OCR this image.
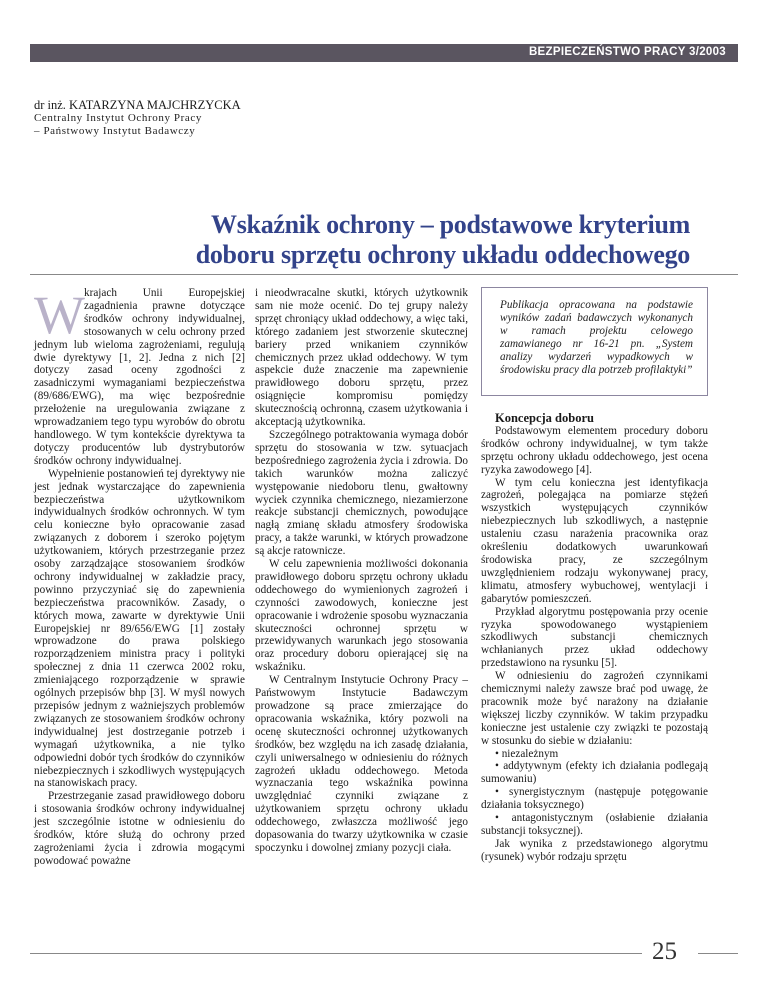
BEZPIECZEŃSTWO PRACY 3/2003
dr inż. KATARZYNA MAJCHRZYCKA
Centralny Instytut Ochrony Pracy
– Państwowy Instytut Badawczy
Wskaźnik ochrony – podstawowe kryterium
doboru sprzętu ochrony układu oddechowego

Wkrajach Unii Europejskiej zagadnienia prawne dotyczące środków ochrony indywidualnej, stosowanych w celu ochrony przed jednym lub wieloma zagrożeniami, regulują dwie dyrektywy [1, 2]. Jedna z nich [2] dotyczy zasad oceny zgodności z zasadniczymi wymaganiami bezpieczeństwa (89/686/EWG), ma więc bezpośrednie przełożenie na uregulowania związane z wprowadzaniem tego typu wyrobów do obrotu handlowego. W tym kontekście dyrektywa ta dotyczy producentów lub dystrybutorów środków ochrony indywidualnej.

Wypełnienie postanowień tej dyrektywy nie jest jednak wystarczające do zapewnienia bezpieczeństwa użytkownikom indywidualnych środków ochronnych. W tym celu konieczne było opracowanie zasad związanych z doborem i szeroko pojętym użytkowaniem, których przestrzeganie przez osoby zarządzające stosowaniem środków ochrony indywidualnej w zakładzie pracy, powinno przyczyniać się do zapewnienia bezpieczeństwa pracowników. Zasady, o których mowa, zawarte w dyrektywie Unii Europejskiej nr 89/656/EWG [1] zostały wprowadzone do prawa polskiego rozporządzeniem ministra pracy i polityki społecznej z dnia 11 czerwca 2002 roku, zmieniającego rozporządzenie w sprawie ogólnych przepisów bhp [3]. W myśl nowych przepisów jednym z ważniejszych problemów związanych ze stosowaniem środków ochrony indywidualnej jest dostrzeganie potrzeb i wymagań użytkownika, a nie tylko odpowiedni dobór tych środków do czynników niebezpiecznych i szkodliwych występujących na stanowiskach pracy.

Przestrzeganie zasad prawidłowego doboru i stosowania środków ochrony indywidualnej jest szczególnie istotne w odniesieniu do środków, które służą do ochrony przed zagrożeniami życia i zdrowia mogącymi powodować poważne

i nieodwracalne skutki, których użytkownik sam nie może ocenić. Do tej grupy należy sprzęt chroniący układ oddechowy, a więc taki, którego zadaniem jest stworzenie skutecznej bariery przed wnikaniem czynników chemicznych przez układ oddechowy. W tym aspekcie duże znaczenie ma zapewnienie prawidłowego doboru sprzętu, przez osiągnięcie kompromisu pomiędzy skutecznością ochronną, czasem użytkowania i akceptacją użytkownika.

Szczególnego potraktowania wymaga dobór sprzętu do stosowania w tzw. sytuacjach bezpośredniego zagrożenia życia i zdrowia. Do takich warunków można zaliczyć występowanie niedoboru tlenu, gwałtowny wyciek czynnika chemicznego, niezamierzone reakcje substancji chemicznych, powodujące nagłą zmianę składu atmosfery środowiska pracy, a także warunki, w których prowadzone są akcje ratownicze.

W celu zapewnienia możliwości dokonania prawidłowego doboru sprzętu ochrony układu oddechowego do wymienionych zagrożeń i czynności zawodowych, konieczne jest opracowanie i wdrożenie sposobu wyznaczania skuteczności ochronnej sprzętu w przewidywanych warunkach jego stosowania oraz procedury doboru opierającej się na wskaźniku.

W Centralnym Instytucie Ochrony Pracy – Państwowym Instytucie Badawczym prowadzone są prace zmierzające do opracowania wskaźnika, który pozwoli na ocenę skuteczności ochronnej użytkowanych środków, bez względu na ich zasadę działania, czyli uniwersalnego w odniesieniu do różnych zagrożeń układu oddechowego. Metoda wyznaczania tego wskaźnika powinna uwzględniać czynniki związane z użytkowaniem sprzętu ochrony układu oddechowego, zwłaszcza możliwość jego dopasowania do twarzy użytkownika w czasie spoczynku i dowolnej zmiany pozycji ciała.

Publikacja opracowana na podstawie wyników zadań badawczych wykonanych w ramach projektu celowego zamawianego nr 16-21 pn. „System analizy wydarzeń wypadkowych w środowisku pracy dla potrzeb profilaktyki”

Koncepcja doboru

Podstawowym elementem procedury doboru środków ochrony indywidualnej, w tym także sprzętu ochrony układu oddechowego, jest ocena ryzyka zawodowego [4].

W tym celu konieczna jest identyfikacja zagrożeń, polegająca na pomiarze stężeń wszystkich występujących czynników niebezpiecznych lub szkodliwych, a następnie ustaleniu czasu narażenia pracownika oraz określeniu dodatkowych uwarunkowań środowiska pracy, ze szczególnym uwzględnieniem rodzaju wykonywanej pracy, klimatu, atmosfery wybuchowej, wentylacji i gabarytów pomieszczeń.

Przykład algorytmu postępowania przy ocenie ryzyka spowodowanego wystąpieniem szkodliwych substancji chemicznych wchłanianych przez układ oddechowy przedstawiono na rysunku [5].

W odniesieniu do zagrożeń czynnikami chemicznymi należy zawsze brać pod uwagę, że pracownik może być narażony na działanie większej liczby czynników. W takim przypadku konieczne jest ustalenie czy związki te pozostają w stosunku do siebie w działaniu:

• niezależnym

• addytywnym (efekty ich działania podlegają sumowaniu)

• synergistycznym (następuje potęgowanie działania toksycznego)

• antagonistycznym (osłabienie działania substancji toksycznej).

Jak wynika z przedstawionego algorytmu (rysunek) wybór rodzaju sprzętu

25
